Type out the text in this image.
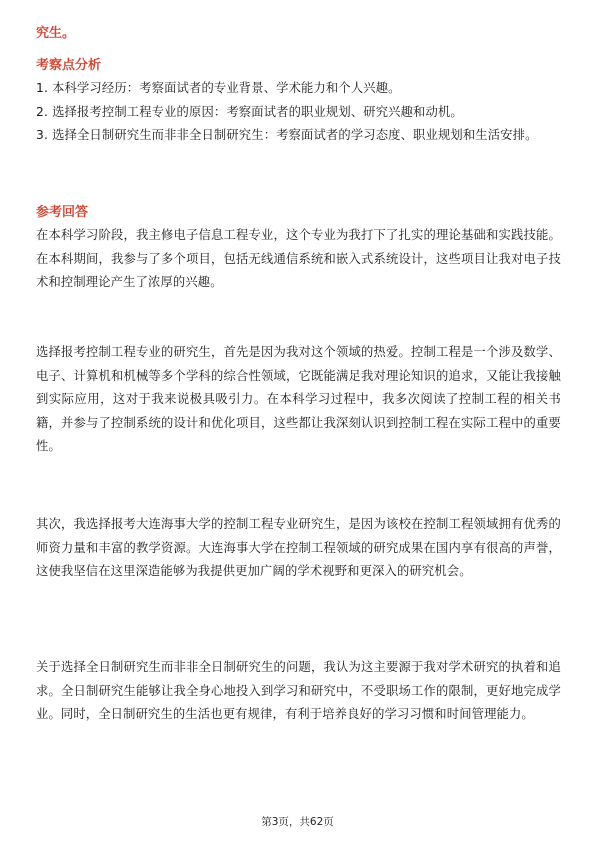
究生。
考察点分析

1. 本科学习经历：考察面试者的专业背景、学术能力和个人兴趣。

2. 选择报考控制工程专业的原因：考察面试者的职业规划、研究兴趣和动机。

3. 选择全日制研究生而非非全日制研究生：考察面试者的学习态度、职业规划和生活安排。

参考回答

在本科学习阶段，我主修电子信息工程专业，这个专业为我打下了扎实的理论基础和实践技能。在本科期间，我参与了多个项目，包括无线通信系统和嵌入式系统设计，这些项目让我对电子技术和控制理论产生了浓厚的兴趣。

选择报考控制工程专业的研究生，首先是因为我对这个领域的热爱。控制工程是一个涉及数学、电子、计算机和机械等多个学科的综合性领域，它既能满足我对理论知识的追求，又能让我接触到实际应用，这对于我来说极具吸引力。在本科学习过程中，我多次阅读了控制工程的相关书籍，并参与了控制系统的设计和优化项目，这些都让我深刻认识到控制工程在实际工程中的重要性。

其次，我选择报考大连海事大学的控制工程专业研究生，是因为该校在控制工程领域拥有优秀的师资力量和丰富的教学资源。大连海事大学在控制工程领域的研究成果在国内享有很高的声誉，这使我坚信在这里深造能够为我提供更加广阔的学术视野和更深入的研究机会。

关于选择全日制研究生而非非全日制研究生的问题，我认为这主要源于我对学术研究的执着和追求。全日制研究生能够让我全身心地投入到学习和研究中，不受职场工作的限制，更好地完成学业。同时，全日制研究生的生活也更有规律，有利于培养良好的学习习惯和时间管理能力。

第3页，共62页
